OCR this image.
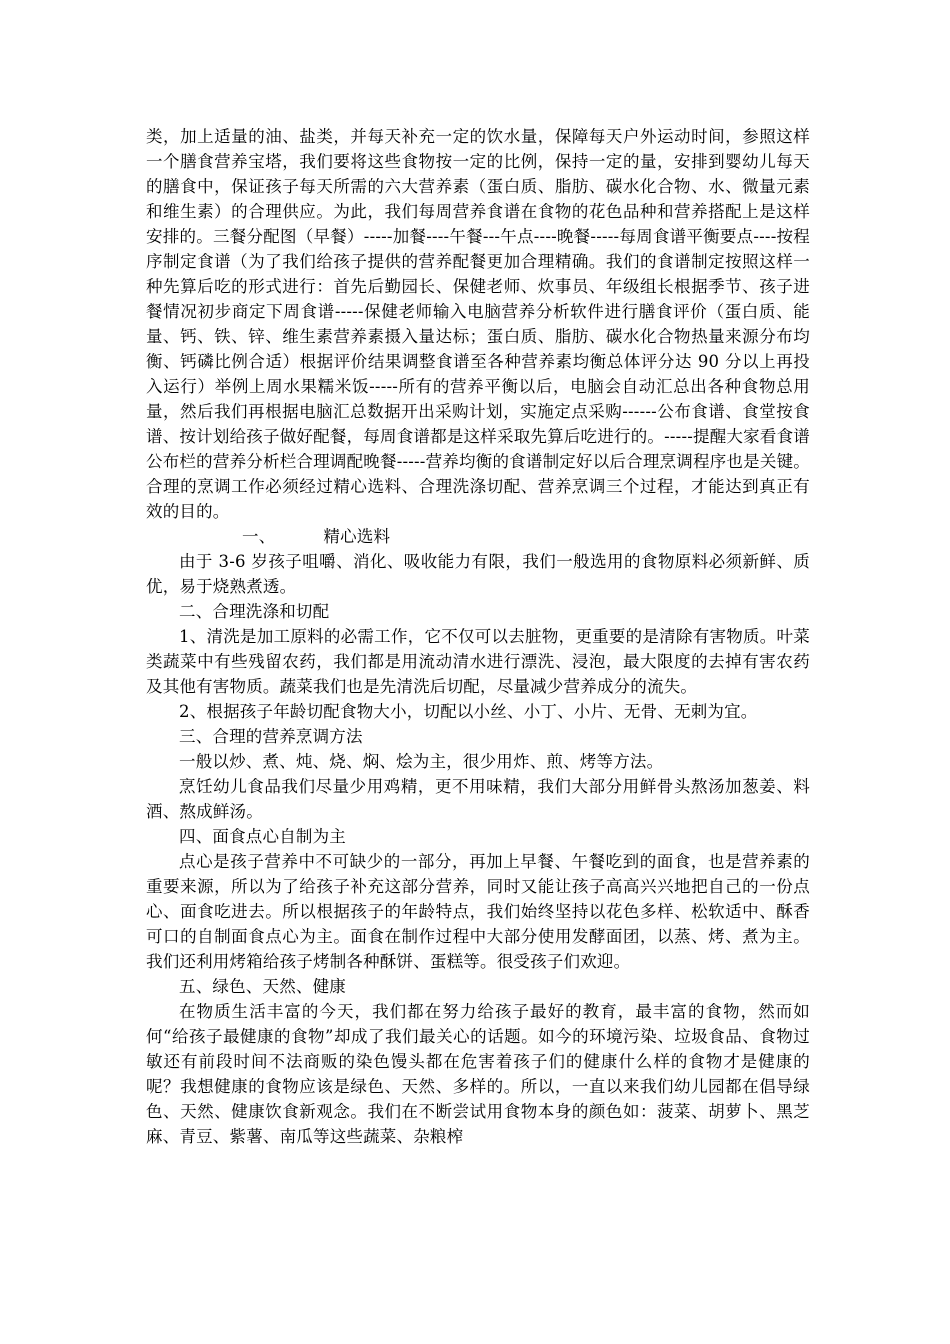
类，加上适量的油、盐类，并每天补充一定的饮水量，保障每天户外运动时间，参照这样一个膳食营养宝塔，我们要将这些食物按一定的比例，保持一定的量，安排到婴幼儿每天的膳食中，保证孩子每天所需的六大营养素（蛋白质、脂肪、碳水化合物、水、微量元素和维生素）的合理供应。为此，我们每周营养食谱在食物的花色品种和营养搭配上是这样安排的。三餐分配图（早餐）-----加餐----午餐---午点----晚餐-----每周食谱平衡要点----按程序制定食谱（为了我们给孩子提供的营养配餐更加合理精确。我们的食谱制定按照这样一种先算后吃的形式进行：首先后勤园长、保健老师、炊事员、年级组长根据季节、孩子进餐情况初步商定下周食谱-----保健老师输入电脑营养分析软件进行膳食评价（蛋白质、能量、钙、铁、锌、维生素营养素摄入量达标；蛋白质、脂肪、碳水化合物热量来源分布均衡、钙磷比例合适）根据评价结果调整食谱至各种营养素均衡总体评分达 90 分以上再投入运行）举例上周水果糯米饭-----所有的营养平衡以后，电脑会自动汇总出各种食物总用量，然后我们再根据电脑汇总数据开出采购计划，实施定点采购------公布食谱、食堂按食谱、按计划给孩子做好配餐，每周食谱都是这样采取先算后吃进行的。-----提醒大家看食谱公布栏的营养分析栏合理调配晚餐-----营养均衡的食谱制定好以后合理烹调程序也是关键。合理的烹调工作必须经过精心选料、合理洗涤切配、营养烹调三个过程，才能达到真正有效的目的。

一、	精心选料

由于 3-6 岁孩子咀嚼、消化、吸收能力有限，我们一般选用的食物原料必须新鲜、质优，易于烧熟煮透。

二、合理洗涤和切配

1、清洗是加工原料的必需工作，它不仅可以去脏物，更重要的是清除有害物质。叶菜类蔬菜中有些残留农药，我们都是用流动清水进行漂洗、浸泡，最大限度的去掉有害农药及其他有害物质。蔬菜我们也是先清洗后切配，尽量减少营养成分的流失。

2、根据孩子年龄切配食物大小，切配以小丝、小丁、小片、无骨、无刺为宜。

三、合理的营养烹调方法

一般以炒、煮、炖、烧、焖、烩为主，很少用炸、煎、烤等方法。

烹饪幼儿食品我们尽量少用鸡精，更不用味精，我们大部分用鲜骨头熬汤加葱姜、料酒、熬成鲜汤。

四、面食点心自制为主

点心是孩子营养中不可缺少的一部分，再加上早餐、午餐吃到的面食，也是营养素的重要来源，所以为了给孩子补充这部分营养，同时又能让孩子高高兴兴地把自己的一份点心、面食吃进去。所以根据孩子的年龄特点，我们始终坚持以花色多样、松软适中、酥香可口的自制面食点心为主。面食在制作过程中大部分使用发酵面团，以蒸、烤、煮为主。我们还利用烤箱给孩子烤制各种酥饼、蛋糕等。很受孩子们欢迎。

五、绿色、天然、健康

在物质生活丰富的今天，我们都在努力给孩子最好的教育，最丰富的食物，然而如何“给孩子最健康的食物”却成了我们最关心的话题。如今的环境污染、垃圾食品、食物过敏还有前段时间不法商贩的染色馒头都在危害着孩子们的健康什么样的食物才是健康的呢？我想健康的食物应该是绿色、天然、多样的。所以，一直以来我们幼儿园都在倡导绿色、天然、健康饮食新观念。我们在不断尝试用食物本身的颜色如：菠菜、胡萝卜、黑芝麻、青豆、紫薯、南瓜等这些蔬菜、杂粮榨
